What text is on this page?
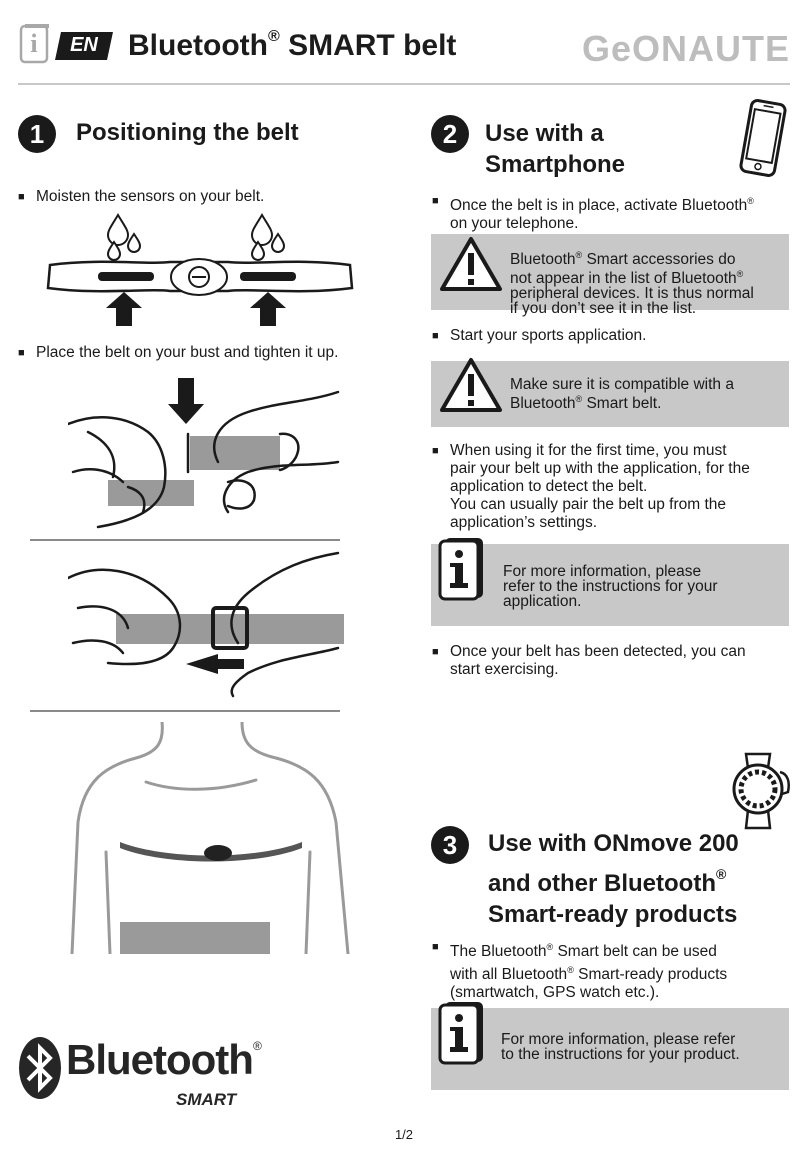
i	EN	Bluetooth® SMART belt	GeONAUTE
1	Positioning the belt
■ Moisten the sensors on your belt.
■ Place the belt on your bust and tighten it up.
Bluetooth®
SMART
2	Use with a
Smartphone
■ Once the belt is in place, activate Bluetooth®
on your telephone.
Bluetooth® Smart accessories do
not appear in the list of Bluetooth®
peripheral devices. It is thus normal
if you don’t see it in the list.
■ Start your sports application.
Make sure it is compatible with a
Bluetooth® Smart belt.
■ When using it for the first time, you must
pair your belt up with the application, for the
application to detect the belt.
You can usually pair the belt up from the
application’s settings.
For more information, please
refer to the instructions for your
application.
■ Once your belt has been detected, you can
start exercising.
3	Use with ONmove 200
and other Bluetooth®
Smart-ready products
■ The Bluetooth® Smart belt can be used
with all Bluetooth® Smart-ready products
(smartwatch, GPS watch etc.).
For more information, please refer
to the instructions for your product.
1/2
